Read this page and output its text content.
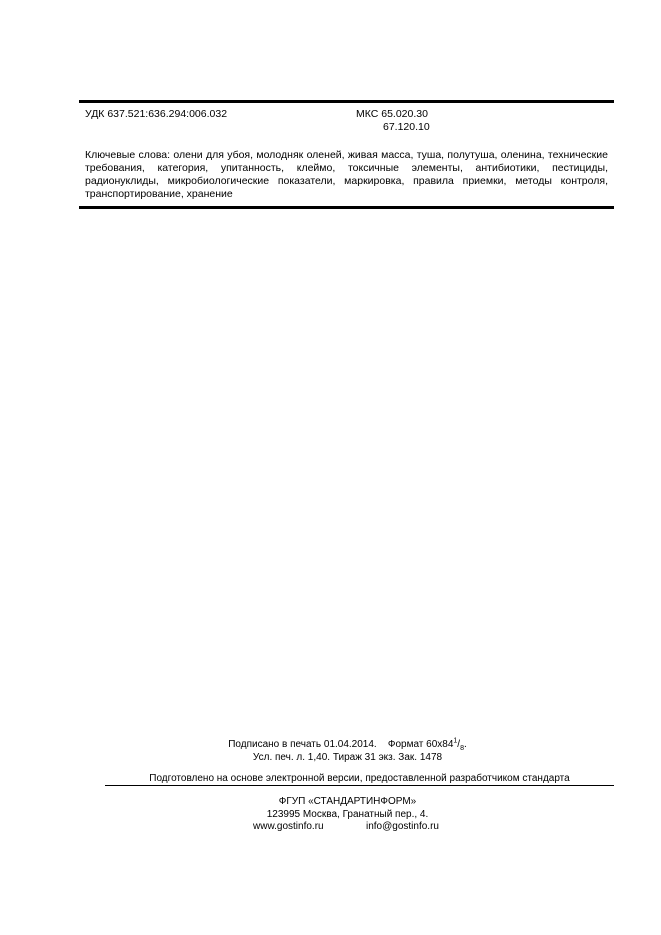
УДК 637.521:636.294:006.032	МКС 65.020.30
67.120.10
Ключевые слова: олени для убоя, молодняк оленей, живая масса, туша, полутуша, оленина, технические требования, категория, упитанность, клеймо, токсичные элементы, антибиотики, пестициды, радионуклиды, микробиологические показатели, маркировка, правила приемки, методы контроля, транспортирование, хранение
Подписано в печать 01.04.2014. Формат $60x84^1/_8$.
Усл. печ. л. 1,40. Тираж 31 экз. Зак. 1478
Подготовлено на основе электронной версии, предоставленной разработчиком стандарта
ФГУП «СТАНДАРТИНФОРМ»
123995 Москва, Гранатный пер., 4.
www.gostinfo.ru	info@gostinfo.ru
